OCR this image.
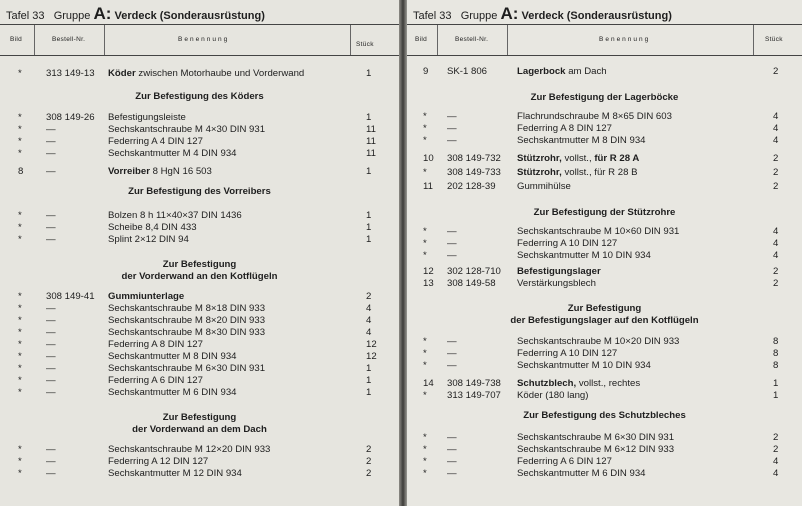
Tafel 33 Gruppe A: Verdeck (Sonderausrüstung)
Bild	Bestell-Nr.	Benennung
Stück
*	313 149-13 Köder zwischen Motorhaube und Vorderwand	1
*	308 149-26 Befestigungsleiste	1
*	—	Sechskantschraube M 4×30 DIN 931	11
*	—	Federring A 4 DIN 127	11
*	—	Sechskantmutter M 4 DIN 934	11
8 —	Vorreiber 8 HgN 16 503	1
*	—	Bolzen 8 h 11×40×37 DIN 1436	1
*	—	Scheibe 8,4 DIN 433	1
*	—	Splint 2×12 DIN 94	1
*	308 149-41 Gummiunterlage	2
*	—	Sechskantschraube M 8×18 DIN 933	4
*	—	Sechskantschraube M 8×20 DIN 933	4
*	—	Sechskantschraube M 8×30 DIN 933	4
*	—	Federring A 8 DIN 127	12
*	—	Sechskantmutter M 8 DIN 934	12
*	—	Sechskantschraube M 6×30 DIN 931	1
*	—	Federring A 6 DIN 127	1
*	—	Sechskantmutter M 6 DIN 934	1
*	—	Sechskantschraube M 12×20 DIN 933	2
*	—	Federring A 12 DIN 127	2
*	—	Sechskantmutter M 12 DIN 934	2
Zur Befestigung des Köders
Zur Befestigung des Vorreibers
Zur Befestigung
der Vorderwand an den Kotflügeln
Zur Befestigung
der Vorderwand an dem Dach
Tafel 33 Gruppe A: Verdeck (Sonderausrüstung)
Bild	Bestell-Nr.	Benennung	Stück
9 SK-1 806	Lagerbock am Dach	2
* —	Flachrundschraube M 8×65 DIN 603	4
* —	Federring A 8 DIN 127	4
* —	Sechskantmutter M 8 DIN 934	4
10 308 149-732 Stützrohr, vollst., für R 28 A	2
* 308 149-733 Stützrohr, vollst., für R 28 B	2
11 202 128-39 Gummihülse	2
* —	Sechskantschraube M 10×60 DIN 931	4
* —	Federring A 10 DIN 127	4
* —	Sechskantmutter M 10 DIN 934	4
12 302 128-710 Befestigungslager	2
13 308 149-58 Verstärkungsblech	2
* —	Sechskantschraube M 10×20 DIN 933	8
* —	Federring A 10 DIN 127	8
* —	Sechskantmutter M 10 DIN 934	8
14 308 149-738 Schutzblech, vollst., rechtes	1
* 313 149-707 Köder (180 lang)	1
* —	Sechskantschraube M 6×30 DIN 931	2
* —	Sechskantschraube M 6×12 DIN 933	2
* —	Federring A 6 DIN 127	4
* —	Sechskantmutter M 6 DIN 934	4
Zur Befestigung der Lagerböcke
Zur Befestigung der Stützrohre
Zur Befestigung
der Befestigungslager auf den Kotflügeln
Zur Befestigung des Schutzbleches
